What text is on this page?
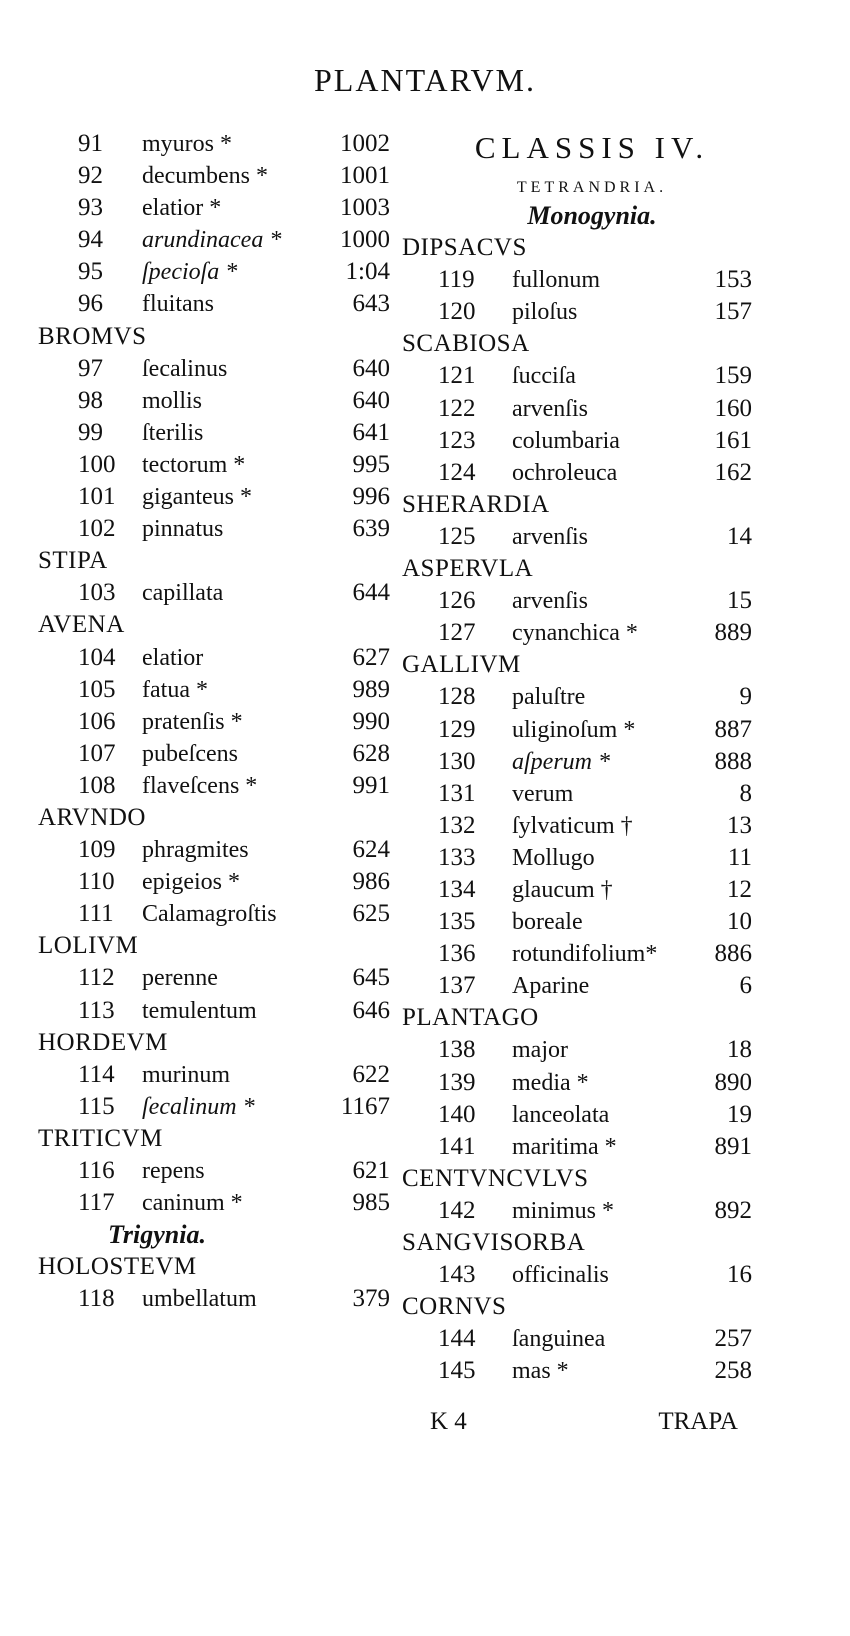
PLANTARVM.
91	myuros *	1002
92	decumbens *	1001
93	elatior *	1003
94	arundinacea * 1000
95	ſpecioſa *	1:04
96	fluitans	643
BROMVS
97	ſecalinus	640
98	mollis	640
99	ſterilis	641
100	tectorum *	995
101	giganteus *	996
102	pinnatus	639
STIPA
103	capillata	644
AVENA
104	elatior	627
105	fatua *	989
106	pratenſis *	990
107	pubeſcens	628
108	flaveſcens *	991
ARVNDO
109	phragmites	624
110	epigeios *	986
111	Calamagroſtis	625
LOLIVM
112	perenne	645
113	temulentum	646
HORDEVM
114	murinum	622
115	ſecalinum *	1167
TRITICVM
116	repens	621
117	caninum *	985
Trigynia.
HOLOSTEVM
118	umbellatum	379
CLASSIS IV.
TETRANDRIA.
Monogynia.
DIPSACVS
119	fullonum	153
120	piloſus	157
SCABIOSA
121	ſucciſa	159
122	arvenſis	160
123	columbaria	161
124	ochroleuca	162
SHERARDIA
125	arvenſis	14
ASPERVLA
126	arvenſis	15
127	cynanchica *	889
GALLIVM
128	paluſtre	9
129	uliginoſum *	887
130	aſperum *	888
131	verum	8
132	ſylvaticum †	13
133	Mollugo	11
134	glaucum †	12
135	boreale	10
136	rotundifolium* 886
137	Aparine	6
PLANTAGO
138	major	18
139	media *	890
140	lanceolata	19
141	maritima *	891
CENTVNCVLVS
142	minimus *	892
SANGVISORBA
143	officinalis	16
CORNVS
144	ſanguinea	257
145	mas *	258
K 4	TRAPA
